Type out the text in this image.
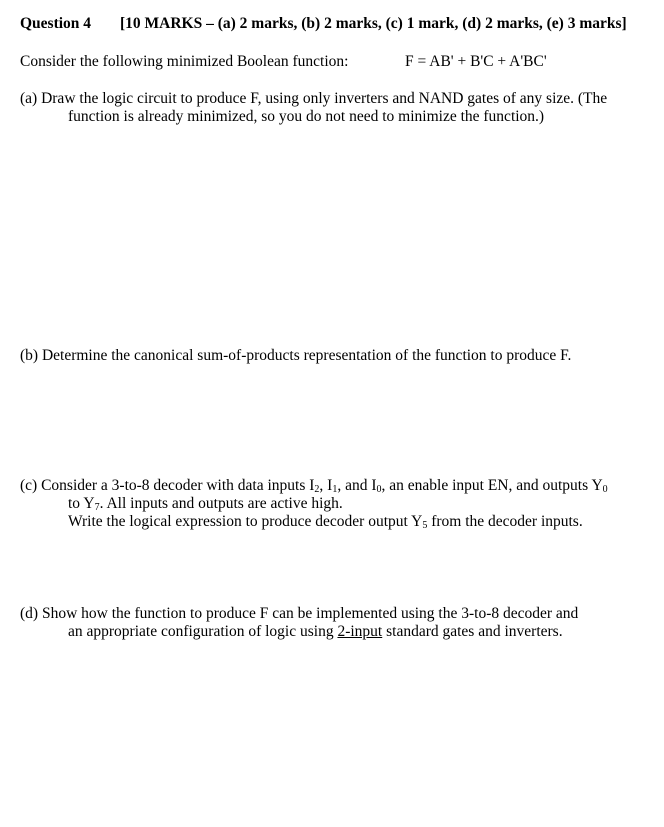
Question 4 [10 MARKS – (a) 2 marks, (b) 2 marks, (c) 1 mark, (d) 2 marks, (e) 3 marks]
Consider the following minimized Boolean function:	F = AB' + B'C + A'BC'
(a) Draw the logic circuit to produce F, using only inverters and NAND gates of any size. (The
function is already minimized, so you do not need to minimize the function.)
(b) Determine the canonical sum-of-products representation of the function to produce F.
(c) Consider a 3-to-8 decoder with data inputs $I_2$, $I_1$, and $I_0$, an enable input EN, and outputs $Y_0$
to $Y_7$. All inputs and outputs are active high.
Write the logical expression to produce decoder output $Y_5$ from the decoder inputs.
(d) Show how the function to produce F can be implemented using the 3-to-8 decoder and
an appropriate configuration of logic using 2-input standard gates and inverters.
